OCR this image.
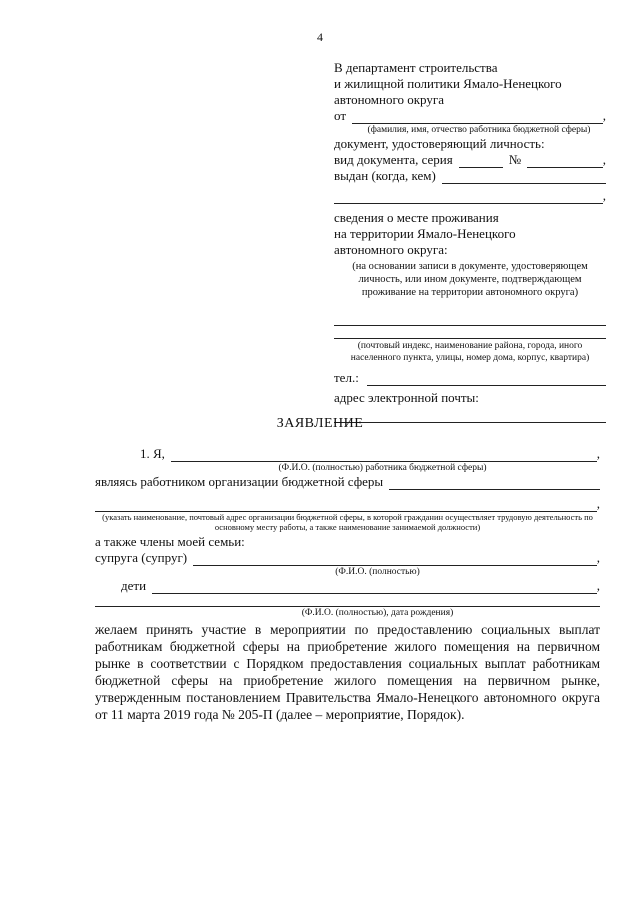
4
В департамент строительства
и жилищной политики Ямало-Ненецкого
автономного округа
от	,
(фамилия, имя, отчество работника бюджетной сферы)
документ, удостоверяющий личность:
вид документа, серия	№	,
выдан (когда, кем)
,
сведения о месте проживания
на территории Ямало-Ненецкого
автономного округа:
(на основании записи в документе, удостоверяющем личность, или ином документе, подтверждающем проживание на территории автономного округа)
(почтовый индекс, наименование района, города, иного населенного пункта, улицы, номер дома, корпус, квартира)
тел.:
адрес электронной почты:
ЗАЯВЛЕНИЕ
1. Я,	,
(Ф.И.О. (полностью) работника бюджетной сферы)
являясь работником организации бюджетной сферы
,
(указать наименование, почтовый адрес организации бюджетной сферы, в которой гражданин осуществляет трудовую деятельность по основному месту работы, а также наименование занимаемой должности)
а также члены моей семьи:
супруга (супруг)	,
(Ф.И.О. (полностью)
дети	,
(Ф.И.О. (полностью), дата рождения)
желаем принять участие в мероприятии по предоставлению социальных выплат работникам бюджетной сферы на приобретение жилого помещения на первичном рынке в соответствии с Порядком предоставления социальных выплат работникам бюджетной сферы на приобретение жилого помещения на первичном рынке, утвержденным постановлением Правительства Ямало-Ненецкого автономного округа от 11 марта 2019 года № 205-П (далее – мероприятие, Порядок).
